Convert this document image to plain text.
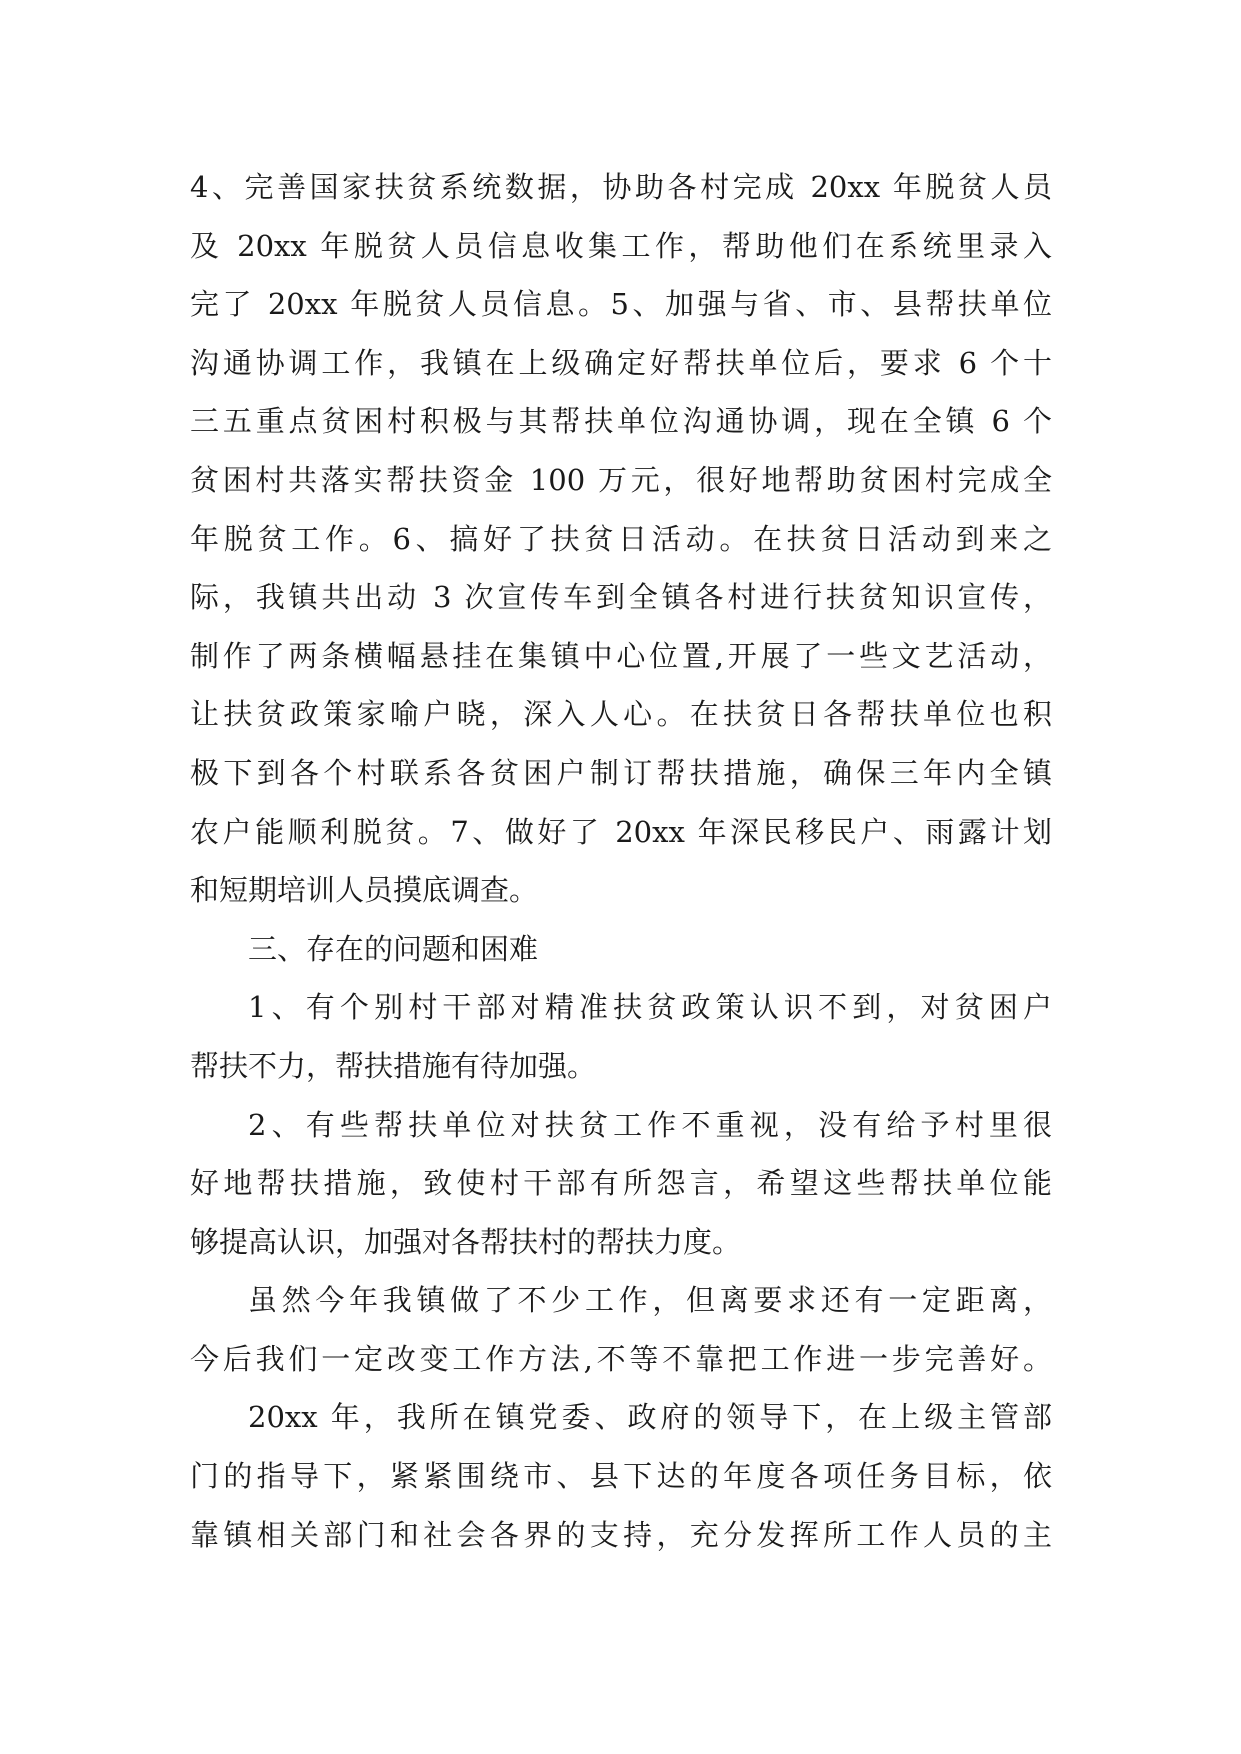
4、完善国家扶贫系统数据，协助各村完成 20xx 年脱贫人员
及 20xx 年脱贫人员信息收集工作，帮助他们在系统里录入
完了 20xx 年脱贫人员信息。5、加强与省、市、县帮扶单位
沟通协调工作，我镇在上级确定好帮扶单位后，要求 6 个十
三五重点贫困村积极与其帮扶单位沟通协调，现在全镇 6 个
贫困村共落实帮扶资金 100 万元，很好地帮助贫困村完成全
年脱贫工作。6、搞好了扶贫日活动。在扶贫日活动到来之
际，我镇共出动 3 次宣传车到全镇各村进行扶贫知识宣传，
制作了两条横幅悬挂在集镇中心位置,开展了一些文艺活动，
让扶贫政策家喻户晓，深入人心。在扶贫日各帮扶单位也积
极下到各个村联系各贫困户制订帮扶措施，确保三年内全镇
农户能顺利脱贫。7、做好了 20xx 年深民移民户、雨露计划
和短期培训人员摸底调查。
三、存在的问题和困难
1、有个别村干部对精准扶贫政策认识不到，对贫困户
帮扶不力，帮扶措施有待加强。
2、有些帮扶单位对扶贫工作不重视，没有给予村里很
好地帮扶措施，致使村干部有所怨言，希望这些帮扶单位能
够提高认识，加强对各帮扶村的帮扶力度。
虽然今年我镇做了不少工作，但离要求还有一定距离，
今后我们一定改变工作方法,不等不靠把工作进一步完善好。
20xx 年，我所在镇党委、政府的领导下，在上级主管部
门的指导下，紧紧围绕市、县下达的年度各项任务目标，依
靠镇相关部门和社会各界的支持，充分发挥所工作人员的主
